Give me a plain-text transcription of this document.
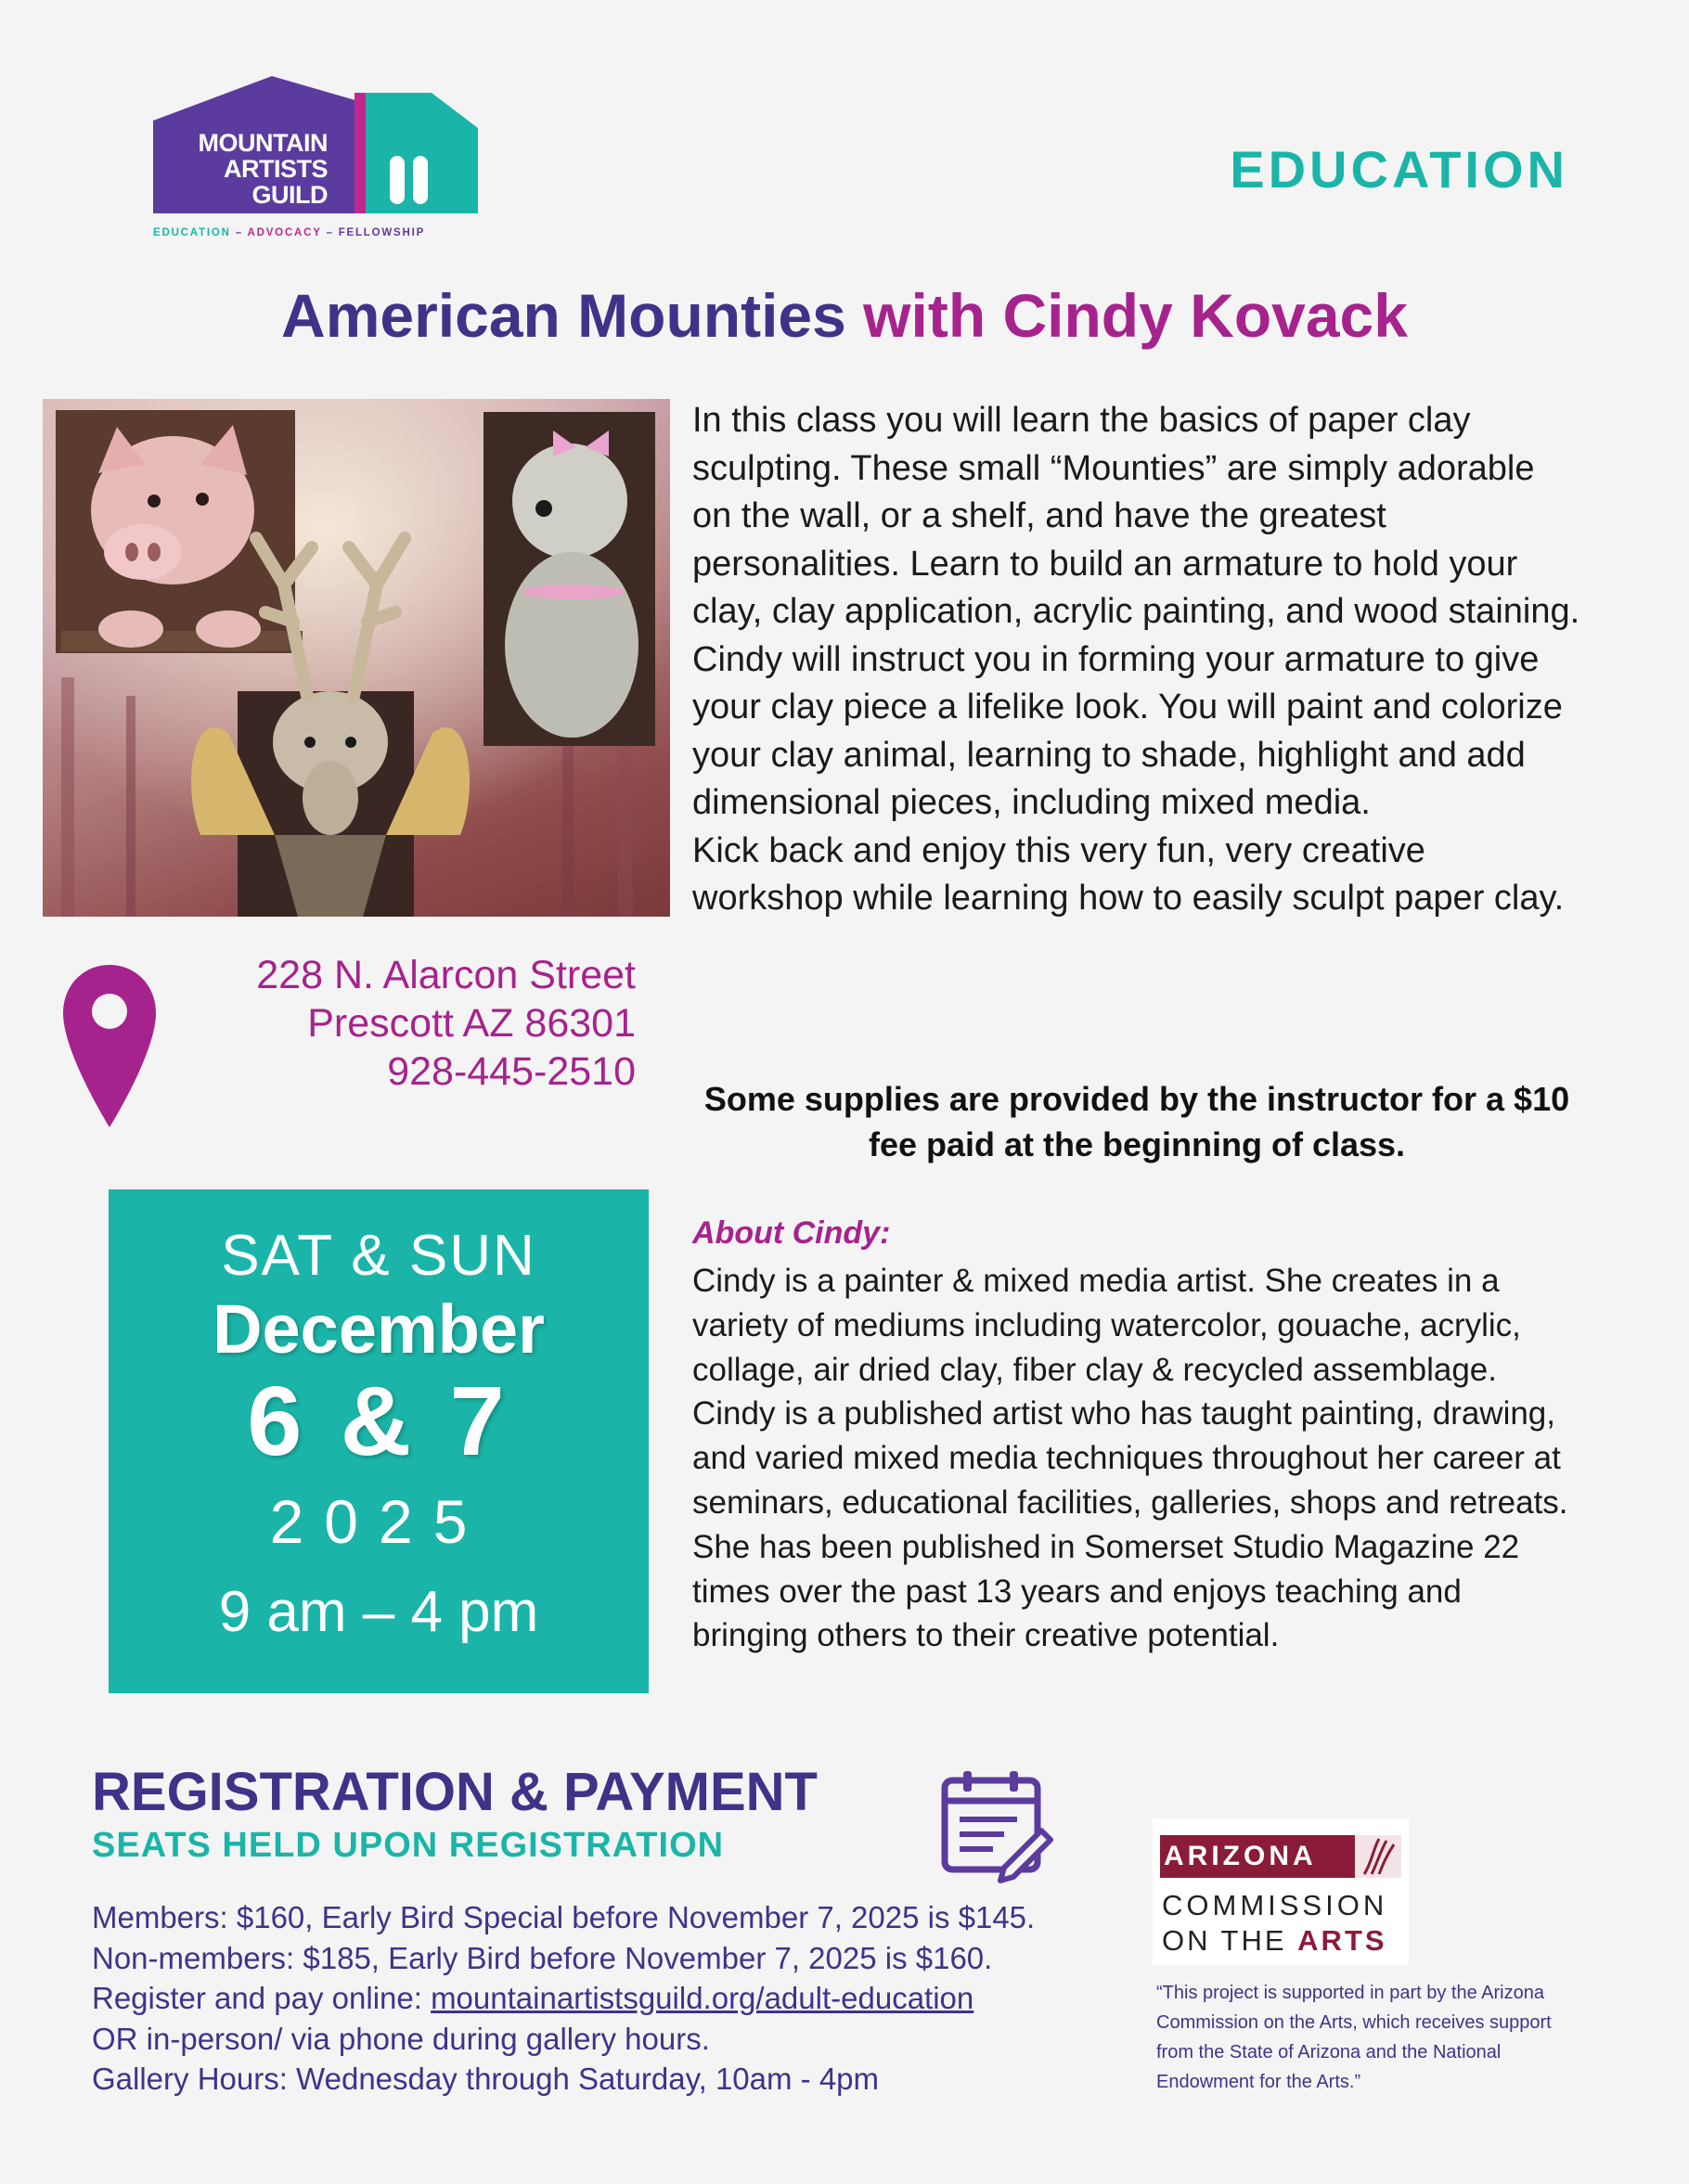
MOUNTAIN
ARTISTS
GUILD
EDUCATION – ADVOCACY – FELLOWSHIP
EDUCATION
American Mounties with Cindy Kovack
228 N. Alarcon Street
Prescott AZ 86301
928-445-2510
SAT & SUN
December
6 & 7
2025
9 am – 4 pm

In this class you will learn the basics of paper clay sculpting. These small “Mounties” are simply adorable on the wall, or a shelf, and have the greatest personalities. Learn to build an armature to hold your clay, clay application, acrylic painting, and wood staining.

Cindy will instruct you in forming your armature to give your clay piece a lifelike look. You will paint and colorize your clay animal, learning to shade, highlight and add dimensional pieces, including mixed media.

Kick back and enjoy this very fun, very creative workshop while learning how to easily sculpt paper clay.

Some supplies are provided by the instructor for a $10 fee paid at the beginning of class.
About Cindy:
Cindy is a painter & mixed media artist. She creates in a variety of mediums including watercolor, gouache, acrylic, collage, air dried clay, fiber clay & recycled assemblage. Cindy is a published artist who has taught painting, drawing, and varied mixed media techniques throughout her career at seminars, educational facilities, galleries, shops and retreats. She has been published in Somerset Studio Magazine 22 times over the past 13 years and enjoys teaching and bringing others to their creative potential.
REGISTRATION & PAYMENT
SEATS HELD UPON REGISTRATION
Members: $160, Early Bird Special before November 7, 2025 is $145.
Non-members: $185, Early Bird before November 7, 2025 is $160.
Register and pay online: mountainartistsguild.org/adult-education
OR in-person/ via phone during gallery hours.
Gallery Hours: Wednesday through Saturday, 10am - 4pm
ARIZONA
COMMISSION
ON THE ARTS
“This project is supported in part by the Arizona Commission on the Arts, which receives support from the State of Arizona and the National Endowment for the Arts.”
